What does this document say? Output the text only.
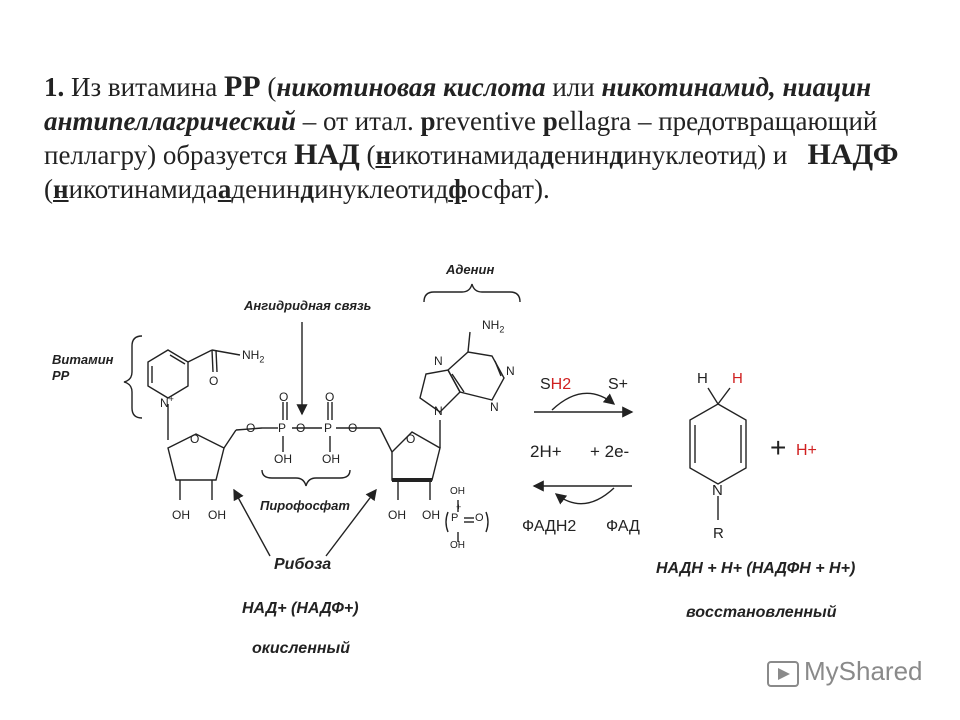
1. Из витамина PP (никотиновая кислота или никотинамид, ниацин
антипеллагрический – от итал. preventive pellagra – предотвращающий
пеллагру) образуется НАД (никотинамидадениндинуклеотид) и НАДФ
(никотинамидаадениндинуклеотидфосфат).
N+
$NH_2$
O
O
OH OH
O P O P O
O	O
OH	OH
O
OH OH
N
N
N
N
$NH_2$
OH
OH
P O
+
H H
N
R
Витамин
PP
Аденин
Ангидридная связь
Пирофосфат
Рибоза
НАД+ (НАДФ+)
окисленный
НАДН + Н+ (НАДФН + Н+)
восстановленный
SH2 S+
2H+ + 2e-
ФАДН2 ФАД
+ H+
MyShared
